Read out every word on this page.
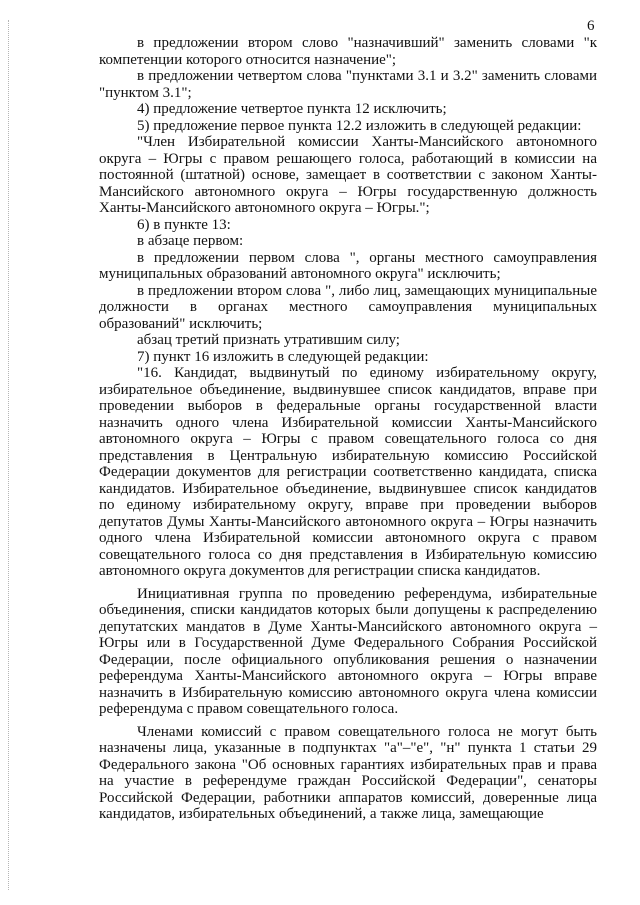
6

в предложении втором слово "назначивший" заменить словами "к компетенции которого относится назначение";

в предложении четвертом слова "пунктами 3.1 и 3.2" заменить словами "пунктом 3.1";

4) предложение четвертое пункта 12 исключить;

5) предложение первое пункта 12.2 изложить в следующей редакции:

"Член Избирательной комиссии Ханты-Мансийского автономного округа – Югры с правом решающего голоса, работающий в комиссии на постоянной (штатной) основе, замещает в соответствии с законом Ханты-Мансийского автономного округа – Югры государственную должность Ханты-Мансийского автономного округа – Югры.";

6) в пункте 13:

в абзаце первом:

в предложении первом слова ", органы местного самоуправления муниципальных образований автономного округа" исключить;

в предложении втором слова ", либо лиц, замещающих муниципальные должности в органах местного самоуправления муниципальных образований" исключить;

абзац третий признать утратившим силу;

7) пункт 16 изложить в следующей редакции:

"16. Кандидат, выдвинутый по единому избирательному округу, избирательное объединение, выдвинувшее список кандидатов, вправе при проведении выборов в федеральные органы государственной власти назначить одного члена Избирательной комиссии Ханты-Мансийского автономного округа – Югры с правом совещательного голоса со дня представления в Центральную избирательную комиссию Российской Федерации документов для регистрации соответственно кандидата, списка кандидатов. Избирательное объединение, выдвинувшее список кандидатов по единому избирательному округу, вправе при проведении выборов депутатов Думы Ханты-Мансийского автономного округа – Югры назначить одного члена Избирательной комиссии автономного округа с правом совещательного голоса со дня представления в Избирательную комиссию автономного округа документов для регистрации списка кандидатов.

Инициативная группа по проведению референдума, избирательные объединения, списки кандидатов которых были допущены к распределению депутатских мандатов в Думе Ханты-Мансийского автономного округа – Югры или в Государственной Думе Федерального Собрания Российской Федерации, после официального опубликования решения о назначении референдума Ханты-Мансийского автономного округа – Югры вправе назначить в Избирательную комиссию автономного округа члена комиссии референдума с правом совещательного голоса.

Членами комиссий с правом совещательного голоса не могут быть назначены лица, указанные в подпунктах "а"–"е", "н" пункта 1 статьи 29 Федерального закона "Об основных гарантиях избирательных прав и права на участие в референдуме граждан Российской Федерации", сенаторы Российской Федерации, работники аппаратов комиссий, доверенные лица кандидатов, избирательных объединений, а также лица, замещающие
